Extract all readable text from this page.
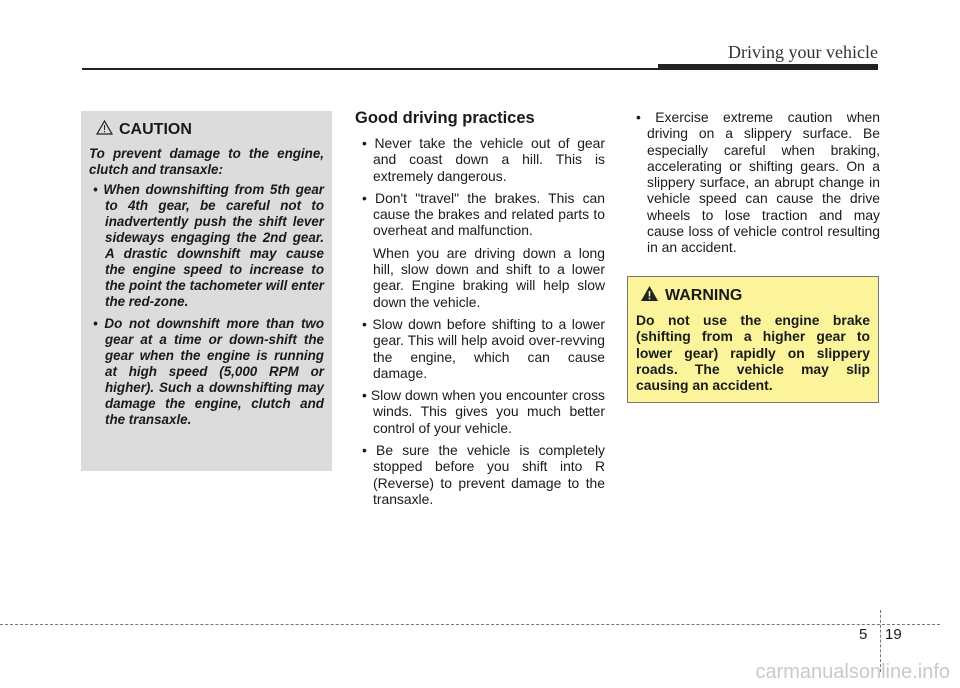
Driving your vehicle
CAUTION

To prevent damage to the engine, clutch and transaxle:

• When downshifting from 5th gear to 4th gear, be careful not to inadvertently push the shift lever sideways engaging the 2nd gear. A drastic downshift may cause the engine speed to increase to the point the tachometer will enter the red-zone.
• Do not downshift more than two gear at a time or down-shift the gear when the engine is running at high speed (5,000 RPM or higher). Such a downshifting may damage the engine, clutch and the transaxle.
Good driving practices
• Never take the vehicle out of gear and coast down a hill. This is extremely dangerous.
• Don't "travel" the brakes. This can cause the brakes and related parts to overheat and malfunction.

When you are driving down a long hill, slow down and shift to a lower gear. Engine braking will help slow down the vehicle.

• Slow down before shifting to a lower gear. This will help avoid over-revving the engine, which can cause damage.
• Slow down when you encounter cross winds. This gives you much better control of your vehicle.
• Be sure the vehicle is completely stopped before you shift into R (Reverse) to prevent damage to the transaxle.
• Exercise extreme caution when driving on a slippery surface. Be especially careful when braking, accelerating or shifting gears. On a slippery surface, an abrupt change in vehicle speed can cause the drive wheels to lose traction and may cause loss of vehicle control resulting in an accident.
WARNING

Do not use the engine brake (shifting from a higher gear to lower gear) rapidly on slippery roads. The vehicle may slip causing an accident.

5 19
carmanualsonline.info
